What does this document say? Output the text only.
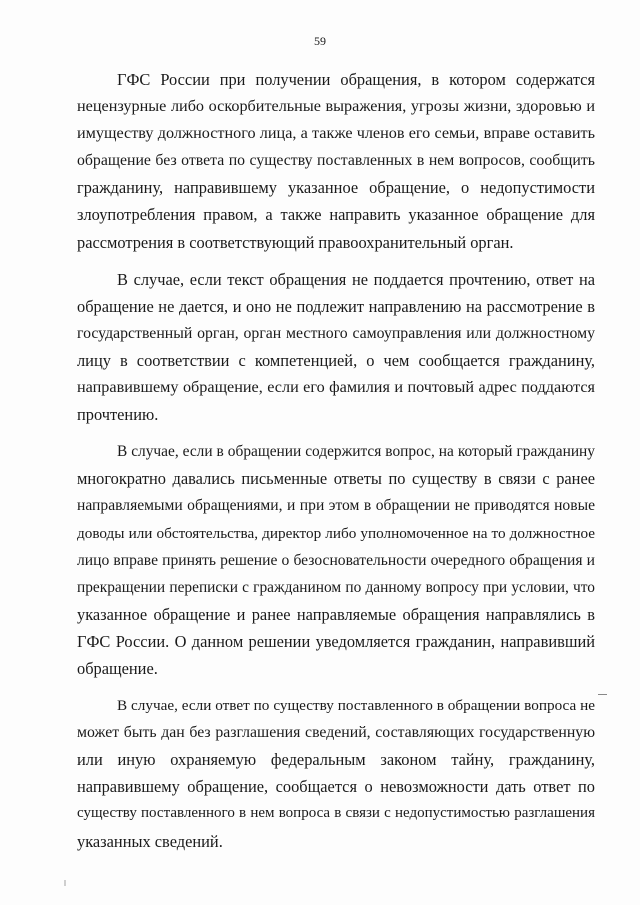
59
ГФС России при получении обращения, в котором содержатся
нецензурные либо оскорбительные выражения, угрозы жизни, здоровью и
имуществу должностного лица, а также членов его семьи, вправе оставить
обращение без ответа по существу поставленных в нем вопросов, сообщить
гражданину, направившему указанное обращение, о недопустимости
злоупотребления правом, а также направить указанное обращение для
рассмотрения в соответствующий правоохранительный орган.
В случае, если текст обращения не поддается прочтению, ответ на
обращение не дается, и оно не подлежит направлению на рассмотрение в
государственный орган, орган местного самоуправления или должностному
лицу в соответствии с компетенцией, о чем сообщается гражданину,
направившему обращение, если его фамилия и почтовый адрес поддаются
прочтению.
В случае, если в обращении содержится вопрос, на который гражданину
многократно давались письменные ответы по существу в связи с ранее
направляемыми обращениями, и при этом в обращении не приводятся новые
доводы или обстоятельства, директор либо уполномоченное на то должностное
лицо вправе принять решение о безосновательности очередного обращения и
прекращении переписки с гражданином по данному вопросу при условии, что
указанное обращение и ранее направляемые обращения направлялись в
ГФС России. О данном решении уведомляется гражданин, направивший
обращение.
В случае, если ответ по существу поставленного в обращении вопроса не
может быть дан без разглашения сведений, составляющих государственную
или иную охраняемую федеральным законом тайну, гражданину,
направившему обращение, сообщается о невозможности дать ответ по
существу поставленного в нем вопроса в связи с недопустимостью разглашения
указанных сведений.
